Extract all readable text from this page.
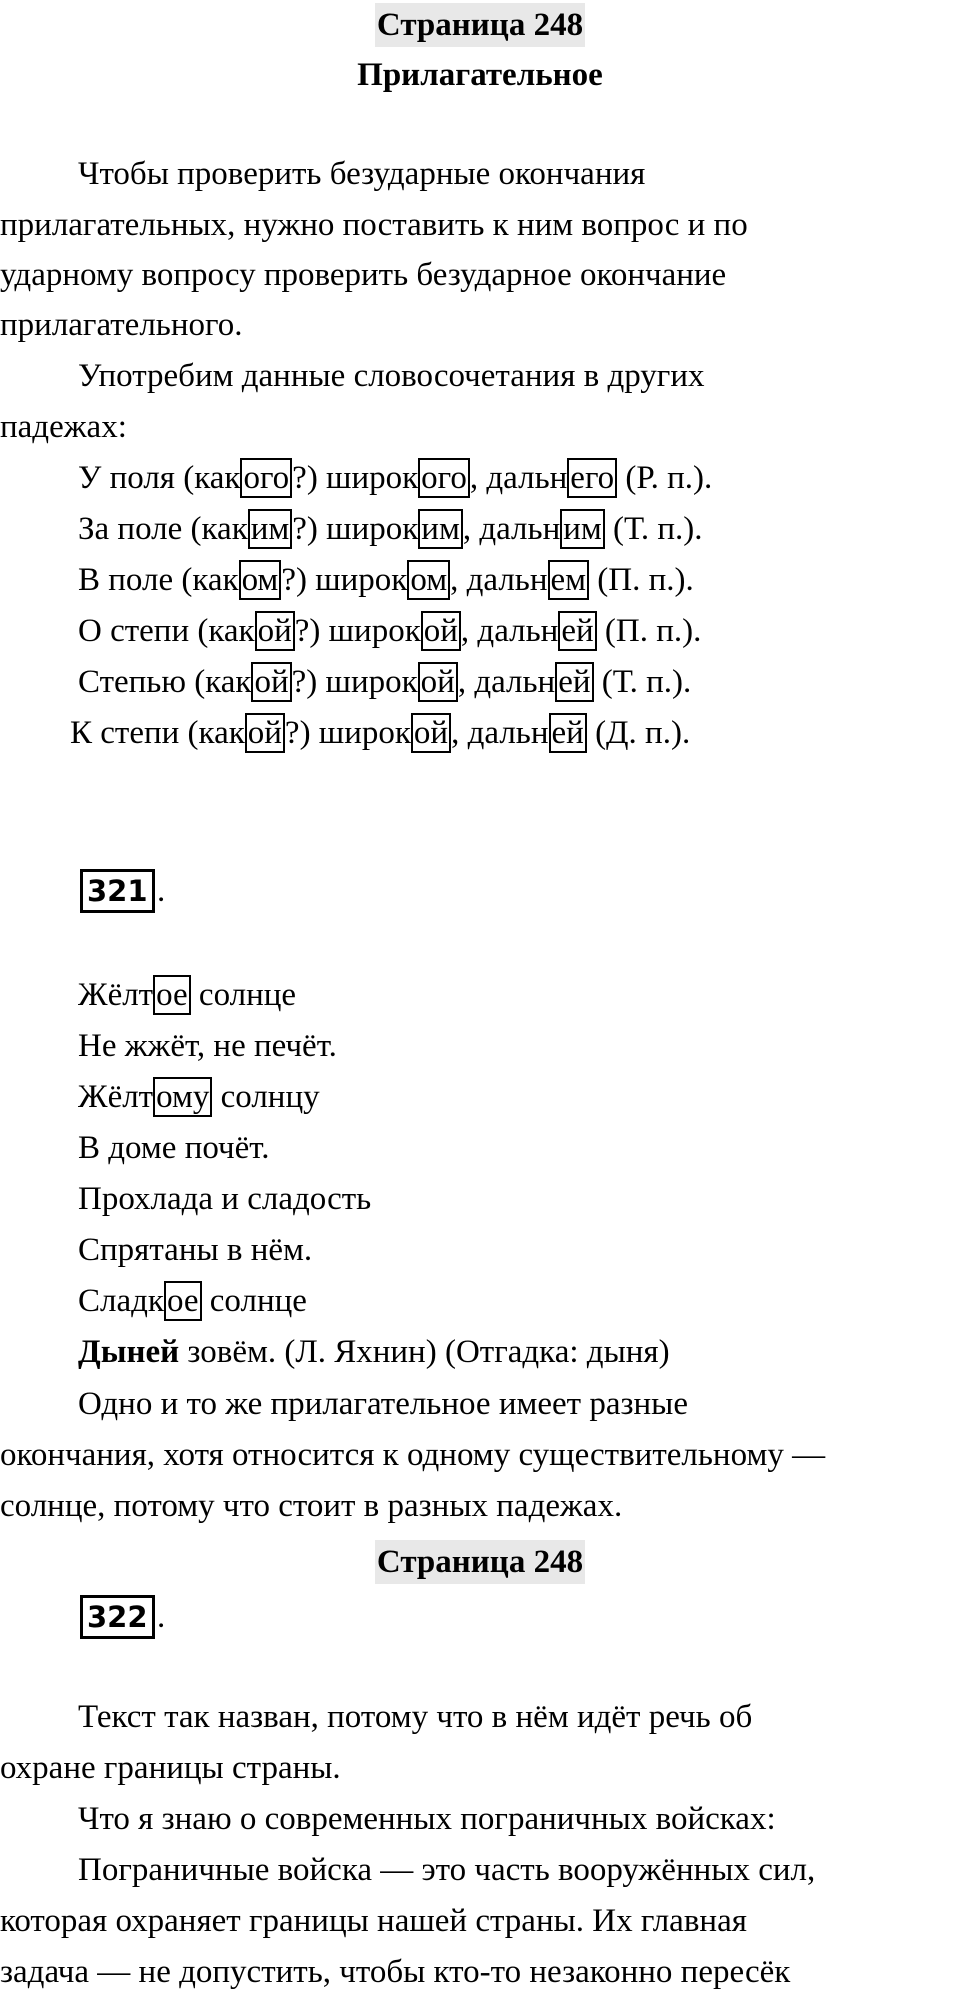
Страница 248
Прилагательное
Чтобы проверить безударные окончания
прилагательных, нужно поставить к ним вопрос и по
ударному вопросу проверить безударное окончание
прилагательного.
Употребим данные словосочетания в других
падежах:
У поля (какого?) широкого, дальнего (Р. п.).
За поле (каким?) широким, дальним (Т. п.).
В поле (каком?) широком, дальнем (П. п.).
О степи (какой?) широкой, дальней (П. п.).
Степью (какой?) широкой, дальней (Т. п.).
К степи (какой?) широкой, дальней (Д. п.).
321 .
Жёлтое солнце
Не жжёт, не печёт.
Жёлтому солнцу
В доме почёт.
Прохлада и сладость
Спрятаны в нём.
Сладкое солнце
Дыней зовём. (Л. Яхнин) (Отгадка: дыня)
Одно и то же прилагательное имеет разные
окончания, хотя относится к одному существительному —
солнце, потому что стоит в разных падежах.
Страница 248
322 .
Текст так назван, потому что в нём идёт речь об
охране границы страны.
Что я знаю о современных пограничных войсках:
Пограничные войска — это часть вооружённых сил,
которая охраняет границы нашей страны. Их главная
задача — не допустить, чтобы кто-то незаконно пересёк
